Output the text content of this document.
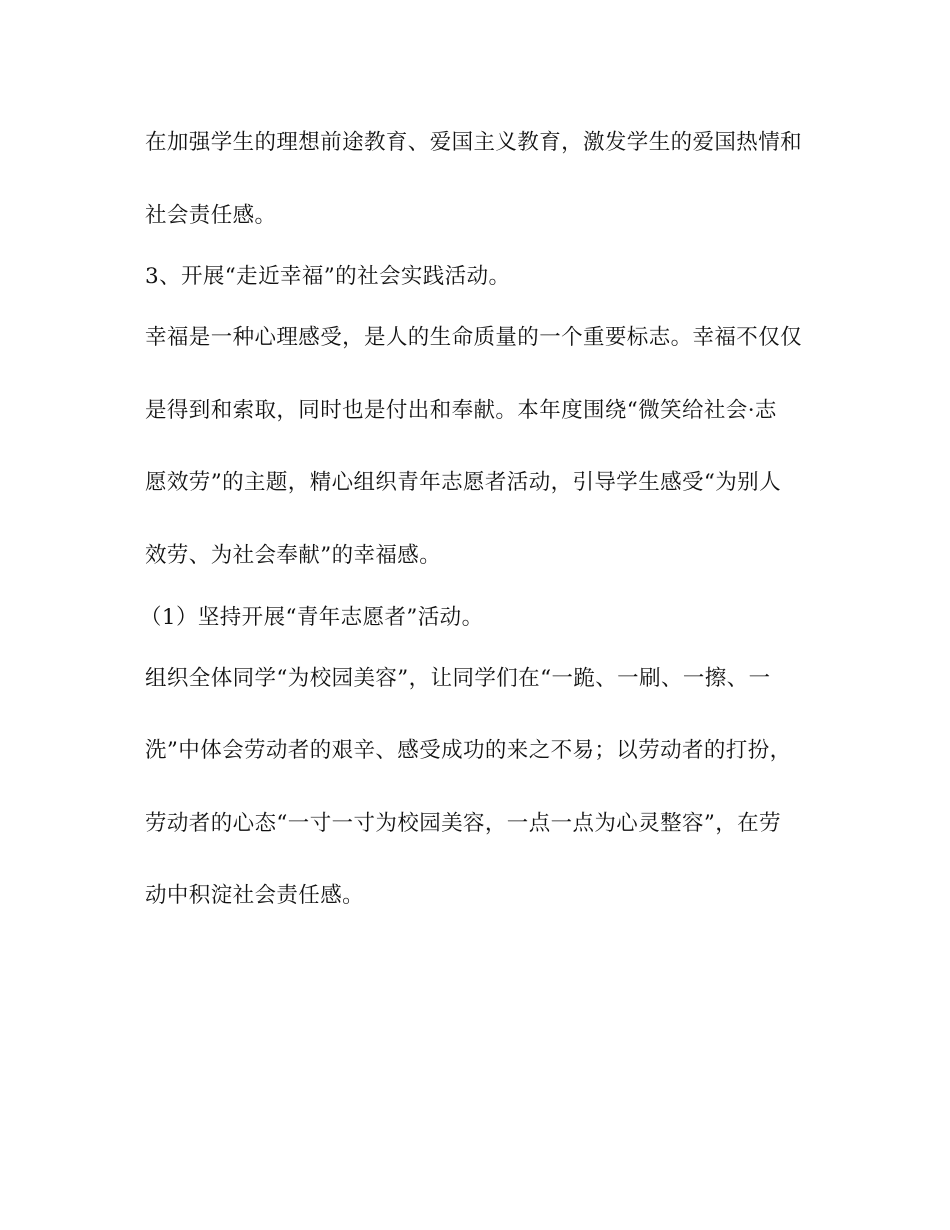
在加强学生的理想前途教育、爱国主义教育，激发学生的爱国热情和
社会责任感。
3、开展“走近幸福”的社会实践活动。
幸福是一种心理感受，是人的生命质量的一个重要标志。幸福不仅仅
是得到和索取，同时也是付出和奉献。本年度围绕“微笑给社会·志
愿效劳”的主题，精心组织青年志愿者活动，引导学生感受“为别人
效劳、为社会奉献”的幸福感。
（1）坚持开展“青年志愿者”活动。
组织全体同学“为校园美容”，让同学们在“一跪、一刷、一擦、一
洗”中体会劳动者的艰辛、感受成功的来之不易；以劳动者的打扮，
劳动者的心态“一寸一寸为校园美容，一点一点为心灵整容”，在劳
动中积淀社会责任感。
